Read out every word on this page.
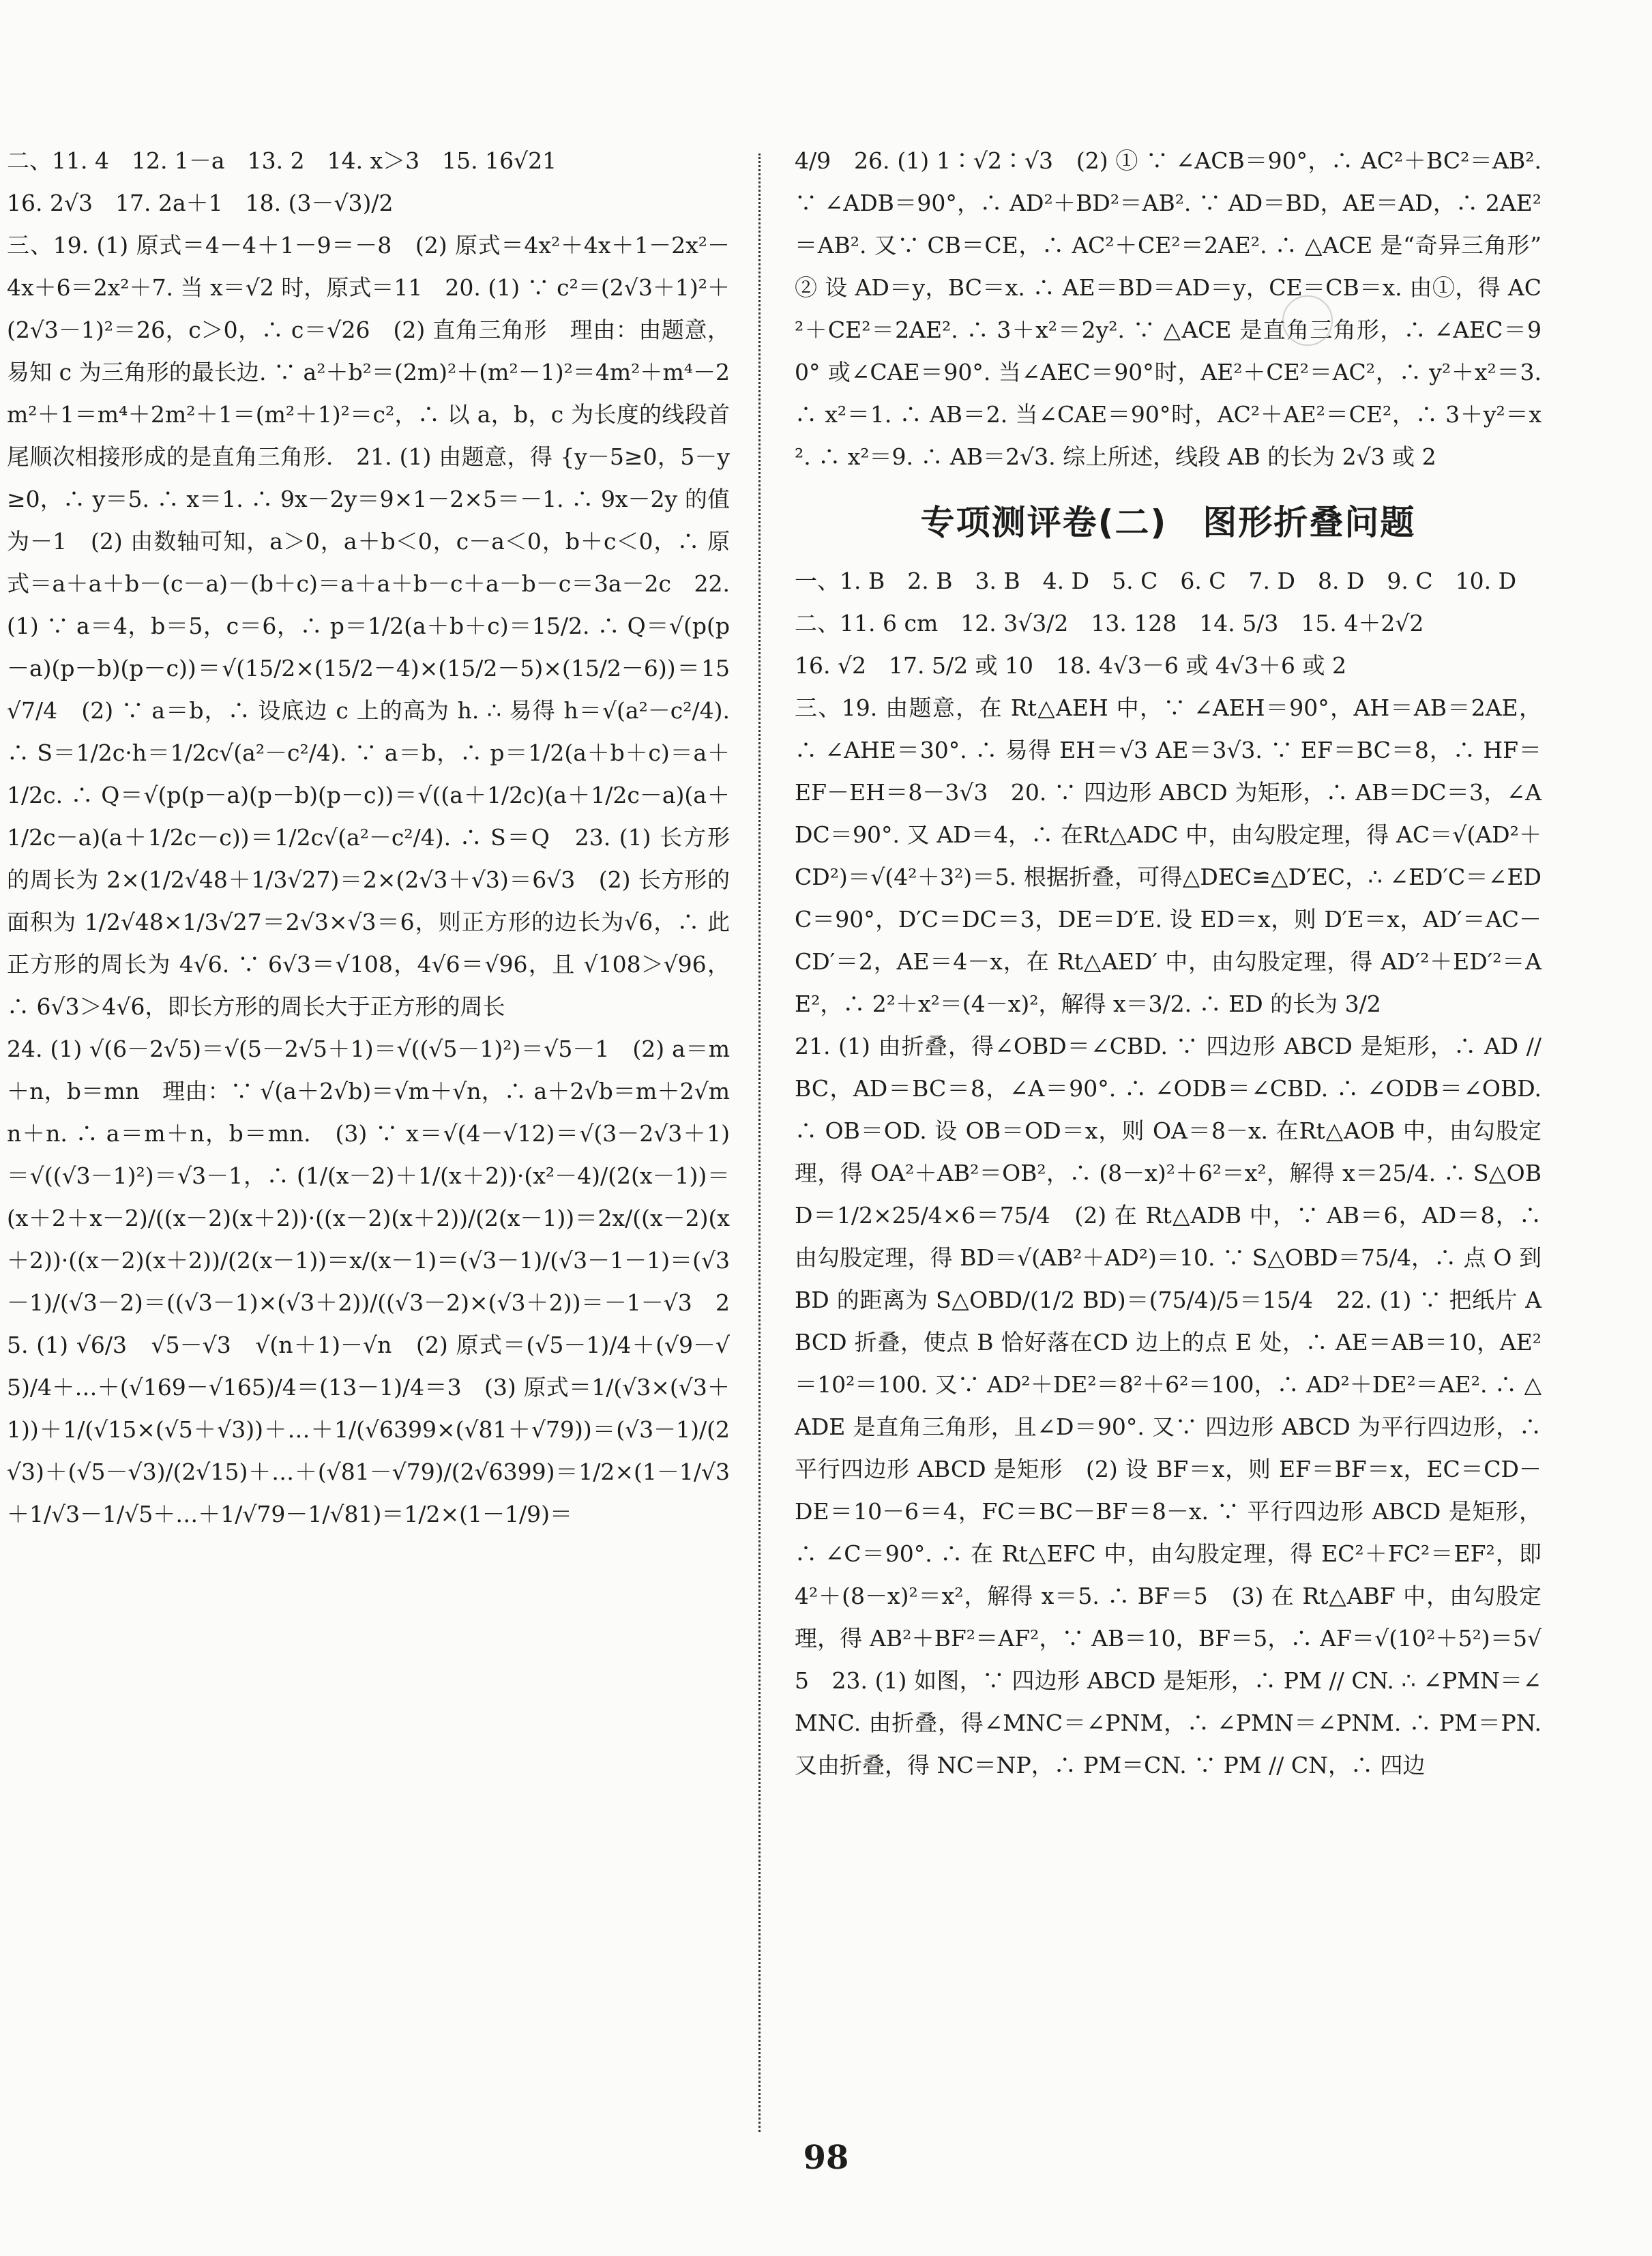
二、11. 4　12. 1－a　13. 2　14. x＞3　15. 16√21

16. 2√3　17. 2a＋1　18. (3－√3)/2

三、19. (1) 原式＝4－4＋1－9＝－8　(2) 原式＝4x²＋4x＋1－2x²－4x＋6＝2x²＋7. 当 x＝√2 时，原式＝11　20. (1) ∵ c²＝(2√3＋1)²＋(2√3－1)²＝26，c＞0，∴ c＝√26　(2) 直角三角形　理由：由题意，易知 c 为三角形的最长边. ∵ a²＋b²＝(2m)²＋(m²－1)²＝4m²＋m⁴－2m²＋1＝m⁴＋2m²＋1＝(m²＋1)²＝c²，∴ 以 a，b，c 为长度的线段首尾顺次相接形成的是直角三角形.　21. (1) 由题意，得 {y－5≥0，5－y≥0，∴ y＝5. ∴ x＝1. ∴ 9x－2y＝9×1－2×5＝－1. ∴ 9x－2y 的值为－1　(2) 由数轴可知，a＞0，a＋b＜0，c－a＜0，b＋c＜0，∴ 原式＝a＋a＋b－(c－a)－(b＋c)＝a＋a＋b－c＋a－b－c＝3a－2c　22. (1) ∵ a＝4，b＝5，c＝6，∴ p＝1/2(a＋b＋c)＝15/2. ∴ Q＝√(p(p－a)(p－b)(p－c))＝√(15/2×(15/2－4)×(15/2－5)×(15/2－6))＝15√7/4　(2) ∵ a＝b，∴ 设底边 c 上的高为 h. ∴ 易得 h＝√(a²－c²/4). ∴ S＝1/2c·h＝1/2c√(a²－c²/4). ∵ a＝b，∴ p＝1/2(a＋b＋c)＝a＋1/2c. ∴ Q＝√(p(p－a)(p－b)(p－c))＝√((a＋1/2c)(a＋1/2c－a)(a＋1/2c－a)(a＋1/2c－c))＝1/2c√(a²－c²/4). ∴ S＝Q　23. (1) 长方形的周长为 2×(1/2√48＋1/3√27)＝2×(2√3＋√3)＝6√3　(2) 长方形的面积为 1/2√48×1/3√27＝2√3×√3＝6，则正方形的边长为√6，∴ 此正方形的周长为 4√6. ∵ 6√3＝√108，4√6＝√96，且 √108＞√96，∴ 6√3＞4√6，即长方形的周长大于正方形的周长

24. (1) √(6－2√5)＝√(5－2√5＋1)＝√((√5－1)²)＝√5－1　(2) a＝m＋n，b＝mn　理由：∵ √(a＋2√b)＝√m＋√n，∴ a＋2√b＝m＋2√mn＋n. ∴ a＝m＋n，b＝mn.　(3) ∵ x＝√(4－√12)＝√(3－2√3＋1)＝√((√3－1)²)＝√3－1，∴ (1/(x－2)＋1/(x＋2))·(x²－4)/(2(x－1))＝(x＋2＋x－2)/((x－2)(x＋2))·((x－2)(x＋2))/(2(x－1))＝2x/((x－2)(x＋2))·((x－2)(x＋2))/(2(x－1))＝x/(x－1)＝(√3－1)/(√3－1－1)＝(√3－1)/(√3－2)＝((√3－1)×(√3＋2))/((√3－2)×(√3＋2))＝－1－√3　25. (1) √6/3　√5－√3　√(n＋1)－√n　(2) 原式＝(√5－1)/4＋(√9－√5)/4＋…＋(√169－√165)/4＝(13－1)/4＝3　(3) 原式＝1/(√3×(√3＋1))＋1/(√15×(√5＋√3))＋…＋1/(√6399×(√81＋√79))＝(√3－1)/(2√3)＋(√5－√3)/(2√15)＋…＋(√81－√79)/(2√6399)＝1/2×(1－1/√3＋1/√3－1/√5＋…＋1/√79－1/√81)＝1/2×(1－1/9)＝

4/9　26. (1) 1∶√2∶√3　(2) ① ∵ ∠ACB＝90°，∴ AC²＋BC²＝AB². ∵ ∠ADB＝90°，∴ AD²＋BD²＝AB². ∵ AD＝BD，AE＝AD，∴ 2AE²＝AB². 又∵ CB＝CE，∴ AC²＋CE²＝2AE². ∴ △ACE 是“奇异三角形”　② 设 AD＝y，BC＝x. ∴ AE＝BD＝AD＝y，CE＝CB＝x. 由①，得 AC²＋CE²＝2AE². ∴ 3＋x²＝2y². ∵ △ACE 是直角三角形，∴ ∠AEC＝90° 或∠CAE＝90°. 当∠AEC＝90°时，AE²＋CE²＝AC²，∴ y²＋x²＝3. ∴ x²＝1. ∴ AB＝2. 当∠CAE＝90°时，AC²＋AE²＝CE²，∴ 3＋y²＝x². ∴ x²＝9. ∴ AB＝2√3. 综上所述，线段 AB 的长为 2√3 或 2

专项测评卷(二)　图形折叠问题

一、1. B　2. B　3. B　4. D　5. C　6. C　7. D　8. D　9. C　10. D

二、11. 6 cm　12. 3√3/2　13. 128　14. 5/3　15. 4＋2√2

16. √2　17. 5/2 或 10　18. 4√3－6 或 4√3＋6 或 2

三、19. 由题意，在 Rt△AEH 中，∵ ∠AEH＝90°，AH＝AB＝2AE，∴ ∠AHE＝30°. ∴ 易得 EH＝√3 AE＝3√3. ∵ EF＝BC＝8，∴ HF＝EF－EH＝8－3√3　20. ∵ 四边形 ABCD 为矩形，∴ AB＝DC＝3，∠ADC＝90°. 又 AD＝4，∴ 在Rt△ADC 中，由勾股定理，得 AC＝√(AD²＋CD²)＝√(4²＋3²)＝5. 根据折叠，可得△DEC≌△D′EC，∴ ∠ED′C＝∠EDC＝90°，D′C＝DC＝3，DE＝D′E. 设 ED＝x，则 D′E＝x，AD′＝AC－CD′＝2，AE＝4－x，在 Rt△AED′ 中，由勾股定理，得 AD′²＋ED′²＝AE²，∴ 2²＋x²＝(4－x)²，解得 x＝3/2. ∴ ED 的长为 3/2

21. (1) 由折叠，得∠OBD＝∠CBD. ∵ 四边形 ABCD 是矩形，∴ AD // BC，AD＝BC＝8，∠A＝90°. ∴ ∠ODB＝∠CBD. ∴ ∠ODB＝∠OBD. ∴ OB＝OD. 设 OB＝OD＝x，则 OA＝8－x. 在Rt△AOB 中，由勾股定理，得 OA²＋AB²＝OB²，∴ (8－x)²＋6²＝x²，解得 x＝25/4. ∴ S△OBD＝1/2×25/4×6＝75/4　(2) 在 Rt△ADB 中，∵ AB＝6，AD＝8，∴ 由勾股定理，得 BD＝√(AB²＋AD²)＝10. ∵ S△OBD＝75/4，∴ 点 O 到 BD 的距离为 S△OBD/(1/2 BD)＝(75/4)/5＝15/4　22. (1) ∵ 把纸片 ABCD 折叠，使点 B 恰好落在CD 边上的点 E 处，∴ AE＝AB＝10，AE²＝10²＝100. 又∵ AD²＋DE²＝8²＋6²＝100，∴ AD²＋DE²＝AE². ∴ △ADE 是直角三角形，且∠D＝90°. 又∵ 四边形 ABCD 为平行四边形，∴ 平行四边形 ABCD 是矩形　(2) 设 BF＝x，则 EF＝BF＝x，EC＝CD－DE＝10－6＝4，FC＝BC－BF＝8－x. ∵ 平行四边形 ABCD 是矩形，∴ ∠C＝90°. ∴ 在 Rt△EFC 中，由勾股定理，得 EC²＋FC²＝EF²，即 4²＋(8－x)²＝x²，解得 x＝5. ∴ BF＝5　(3) 在 Rt△ABF 中，由勾股定理，得 AB²＋BF²＝AF²，∵ AB＝10，BF＝5，∴ AF＝√(10²＋5²)＝5√5　23. (1) 如图，∵ 四边形 ABCD 是矩形，∴ PM // CN. ∴ ∠PMN＝∠MNC. 由折叠，得∠MNC＝∠PNM，∴ ∠PMN＝∠PNM. ∴ PM＝PN. 又由折叠，得 NC＝NP，∴ PM＝CN. ∵ PM // CN，∴ 四边

98
